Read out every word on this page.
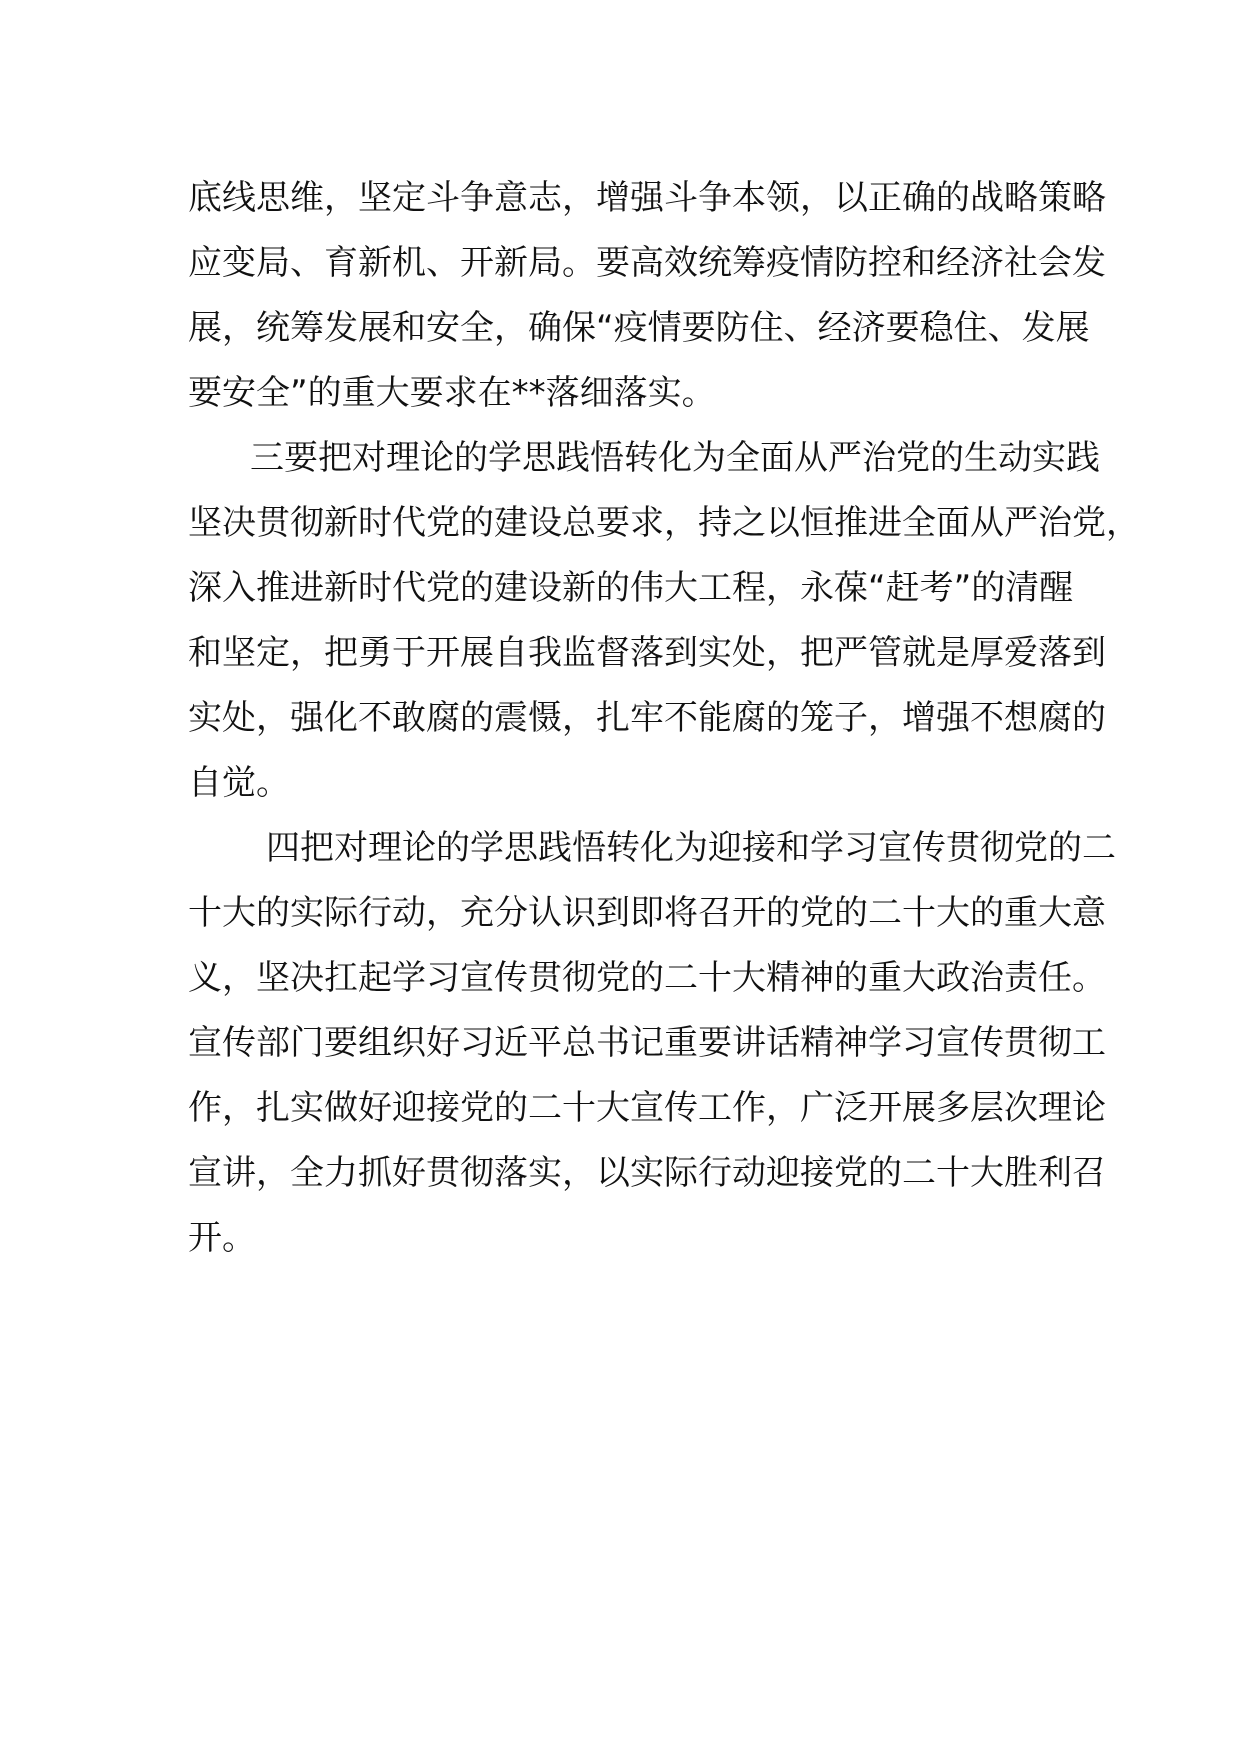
底线思维，坚定斗争意志，增强斗争本领，以正确的战略策略
应变局、育新机、开新局。要高效统筹疫情防控和经济社会发
展，统筹发展和安全，确保“疫情要防住、经济要稳住、发展
要安全”的重大要求在**落细落实。
三要把对理论的学思践悟转化为全面从严治党的生动实践
坚决贯彻新时代党的建设总要求，持之以恒推进全面从严治党，
深入推进新时代党的建设新的伟大工程，永葆“赶考”的清醒
和坚定，把勇于开展自我监督落到实处，把严管就是厚爱落到
实处，强化不敢腐的震慑，扎牢不能腐的笼子，增强不想腐的
自觉。
四把对理论的学思践悟转化为迎接和学习宣传贯彻党的二
十大的实际行动，充分认识到即将召开的党的二十大的重大意
义，坚决扛起学习宣传贯彻党的二十大精神的重大政治责任。
宣传部门要组织好习近平总书记重要讲话精神学习宣传贯彻工
作，扎实做好迎接党的二十大宣传工作，广泛开展多层次理论
宣讲，全力抓好贯彻落实，以实际行动迎接党的二十大胜利召
开。
